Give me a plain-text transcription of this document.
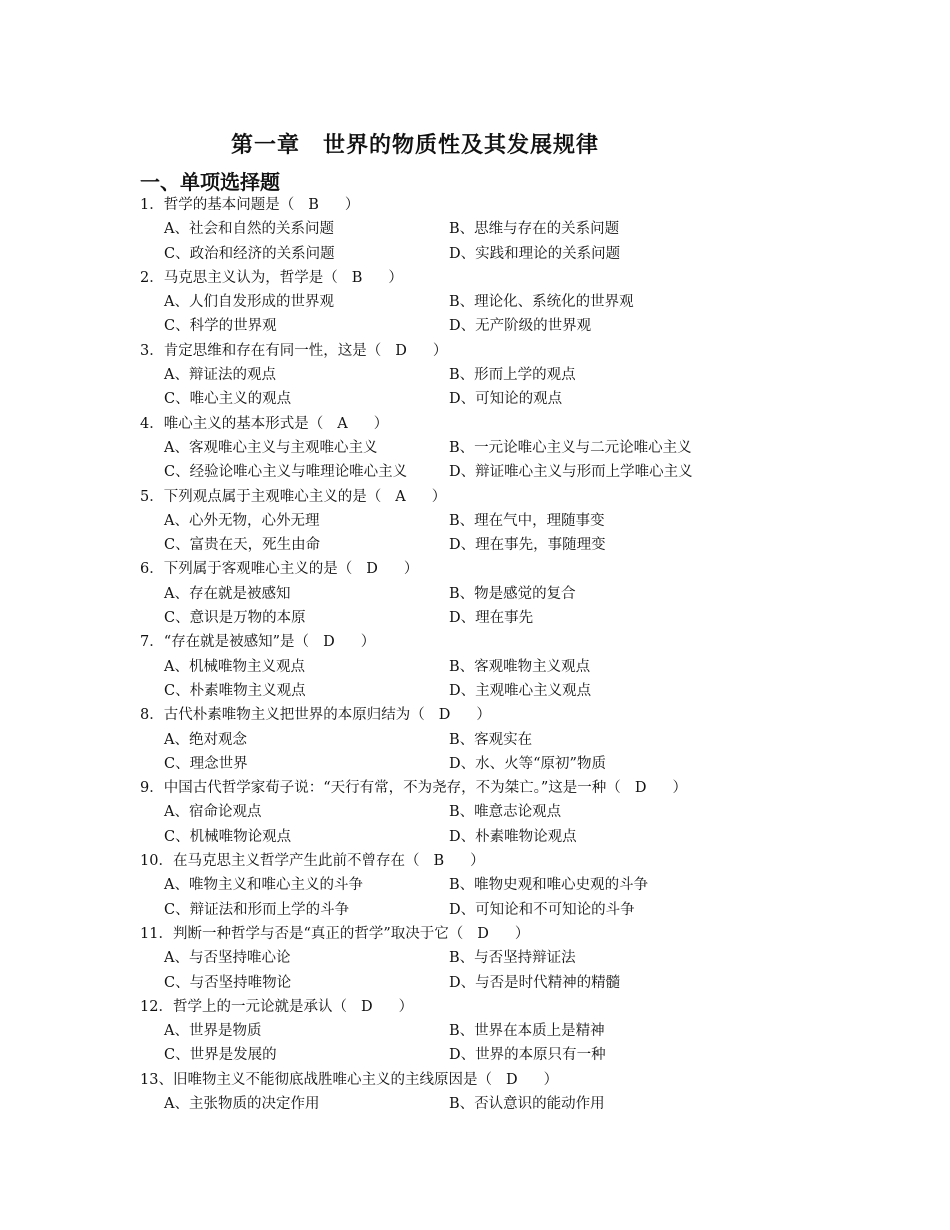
第一章　世界的物质性及其发展规律
一、单项选择题
1．哲学的基本问题是（ B ）
A、社会和自然的关系问题	B、思维与存在的关系问题
C、政治和经济的关系问题	D、实践和理论的关系问题
2．马克思主义认为，哲学是（ B ）
A、人们自发形成的世界观	B、理论化、系统化的世界观
C、科学的世界观	D、无产阶级的世界观
3．肯定思维和存在有同一性，这是（ D ）
A、辩证法的观点	B、形而上学的观点
C、唯心主义的观点	D、可知论的观点
4．唯心主义的基本形式是（ A ）
A、客观唯心主义与主观唯心主义	B、一元论唯心主义与二元论唯心主义
C、经验论唯心主义与唯理论唯心主义	D、辩证唯心主义与形而上学唯心主义
5．下列观点属于主观唯心主义的是（ A ）
A、心外无物，心外无理	B、理在气中，理随事变
C、富贵在天，死生由命	D、理在事先，事随理变
6．下列属于客观唯心主义的是（ D ）
A、存在就是被感知	B、物是感觉的复合
C、意识是万物的本原	D、理在事先
7．“存在就是被感知”是（ D ）
A、机械唯物主义观点	B、客观唯物主义观点
C、朴素唯物主义观点	D、主观唯心主义观点
8．古代朴素唯物主义把世界的本原归结为（ D ）
A、绝对观念	B、客观实在
C、理念世界	D、水、火等“原初”物质
9．中国古代哲学家荀子说：“天行有常，不为尧存，不为桀亡。”这是一种（ D ）
A、宿命论观点	B、唯意志论观点
C、机械唯物论观点	D、朴素唯物论观点
10．在马克思主义哲学产生此前不曾存在（ B ）
A、唯物主义和唯心主义的斗争	B、唯物史观和唯心史观的斗争
C、辩证法和形而上学的斗争	D、可知论和不可知论的斗争
11．判断一种哲学与否是“真正的哲学”取决于它（ D ）
A、与否坚持唯心论	B、与否坚持辩证法
C、与否坚持唯物论	D、与否是时代精神的精髓
12．哲学上的一元论就是承认（ D ）
A、世界是物质	B、世界在本质上是精神
C、世界是发展的	D、世界的本原只有一种
13、旧唯物主义不能彻底战胜唯心主义的主线原因是（ D ）
A、主张物质的决定作用	B、否认意识的能动作用
